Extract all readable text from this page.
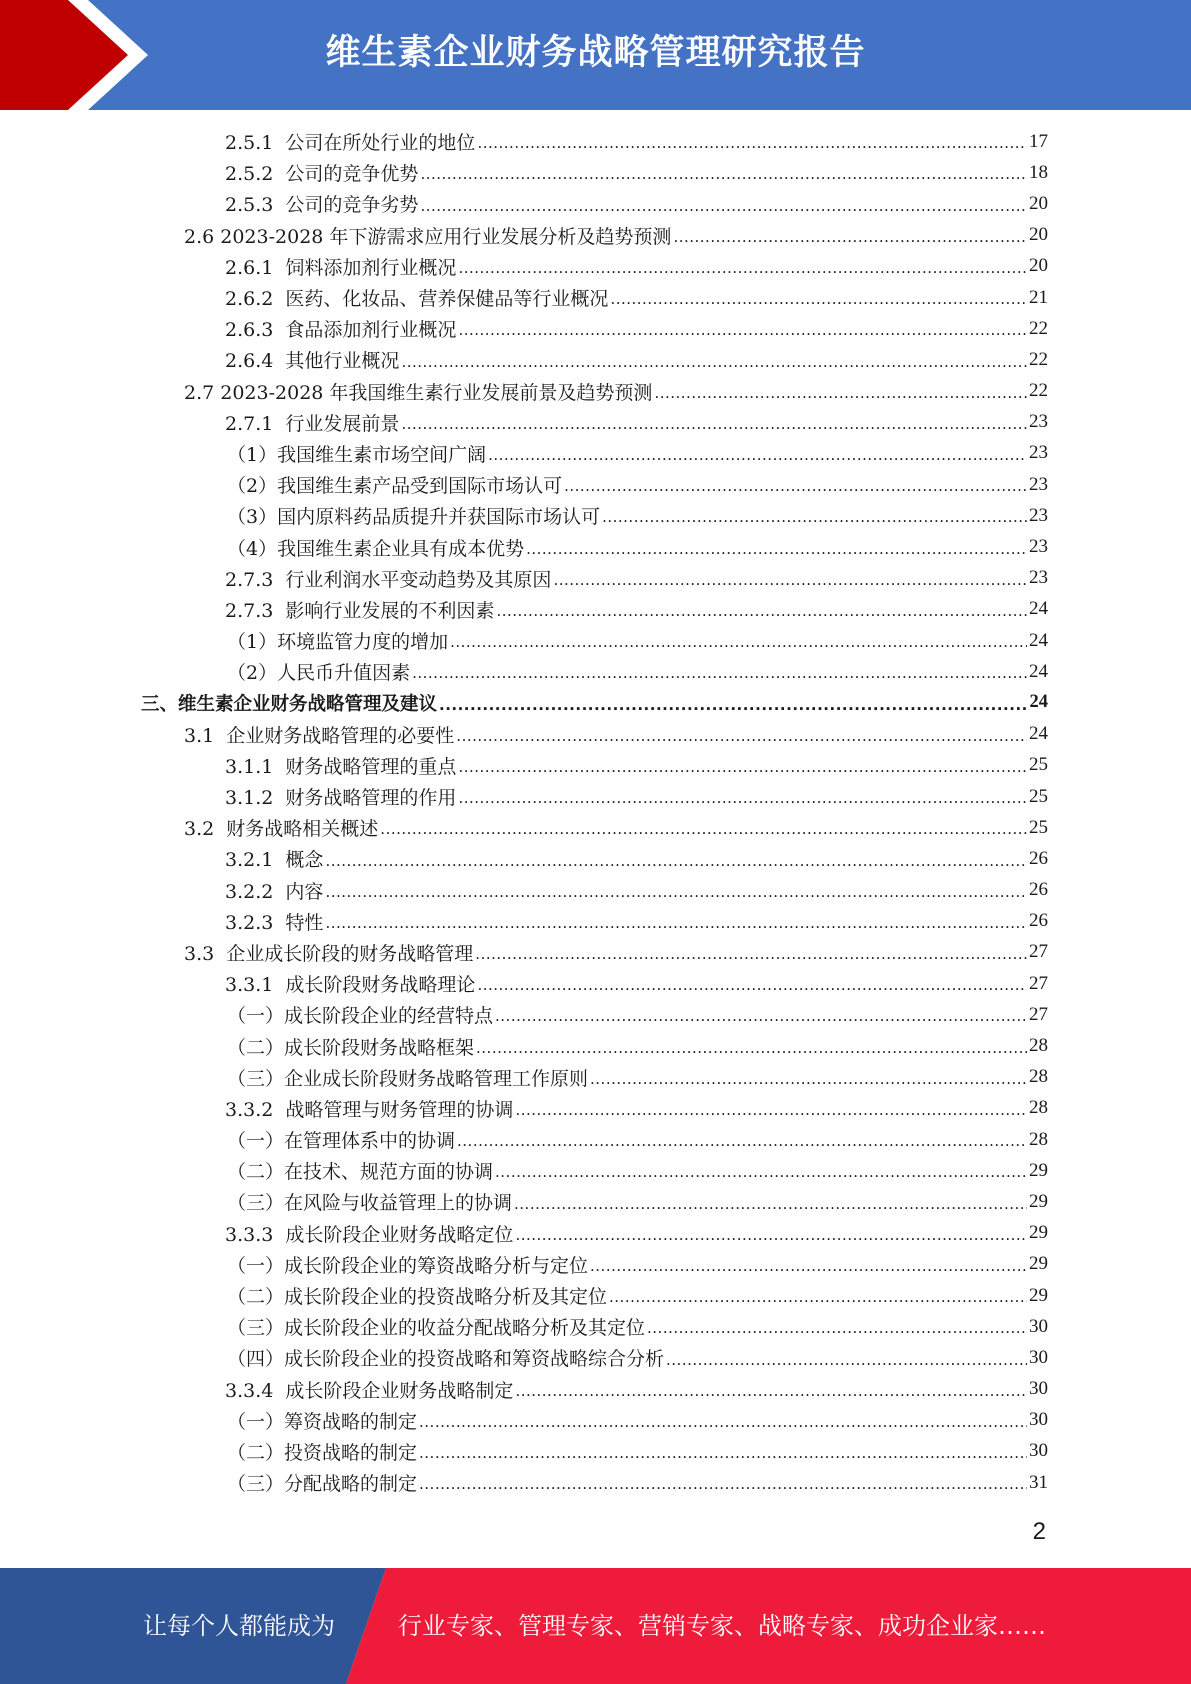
维生素企业财务战略管理研究报告
2.5.1  公司在所处行业的地位 .....	17
2.5.2  公司的竞争优势 .....	18
2.5.3  公司的竞争劣势 .....	20
2.6 2023-2028 年下游需求应用行业发展分析及趋势预测 .....	20
2.6.1  饲料添加剂行业概况 .....	20
2.6.2  医药、化妆品、营养保健品等行业概况 .....	21
2.6.3  食品添加剂行业概况 .....	22
2.6.4  其他行业概况 .....	22
2.7 2023-2028 年我国维生素行业发展前景及趋势预测 .....	22
2.7.1  行业发展前景 .....	23
（1）我国维生素市场空间广阔 .....	23
（2）我国维生素产品受到国际市场认可 .....	23
（3）国内原料药品质提升并获国际市场认可 .....	23
（4）我国维生素企业具有成本优势 .....	23
2.7.3  行业利润水平变动趋势及其原因 .....	23
2.7.3  影响行业发展的不利因素 .....	24
（1）环境监管力度的增加 .....	24
（2）人民币升值因素 .....	24
三、维生素企业财务战略管理及建议 .....	24
3.1  企业财务战略管理的必要性 .....	24
3.1.1  财务战略管理的重点 .....	25
3.1.2  财务战略管理的作用 .....	25
3.2  财务战略相关概述 .....	25
3.2.1  概念 .....	26
3.2.2  内容 .....	26
3.2.3  特性 .....	26
3.3  企业成长阶段的财务战略管理 .....	27
3.3.1  成长阶段财务战略理论 .....	27
（一）成长阶段企业的经营特点 .....	27
（二）成长阶段财务战略框架 .....	28
（三）企业成长阶段财务战略管理工作原则 .....	28
3.3.2  战略管理与财务管理的协调 .....	28
（一）在管理体系中的协调 .....	28
（二）在技术、规范方面的协调 .....	29
（三）在风险与收益管理上的协调 .....	29
3.3.3  成长阶段企业财务战略定位 .....	29
（一）成长阶段企业的筹资战略分析与定位 .....	29
（二）成长阶段企业的投资战略分析及其定位 .....	29
（三）成长阶段企业的收益分配战略分析及其定位 .....	30
（四）成长阶段企业的投资战略和筹资战略综合分析 .....	30
3.3.4  成长阶段企业财务战略制定 .....	30
（一）筹资战略的制定 .....	30
（二）投资战略的制定 .....	30
（三）分配战略的制定 .....	31
2
让每个人都能成为	行业专家、管理专家、营销专家、战略专家、成功企业家……
